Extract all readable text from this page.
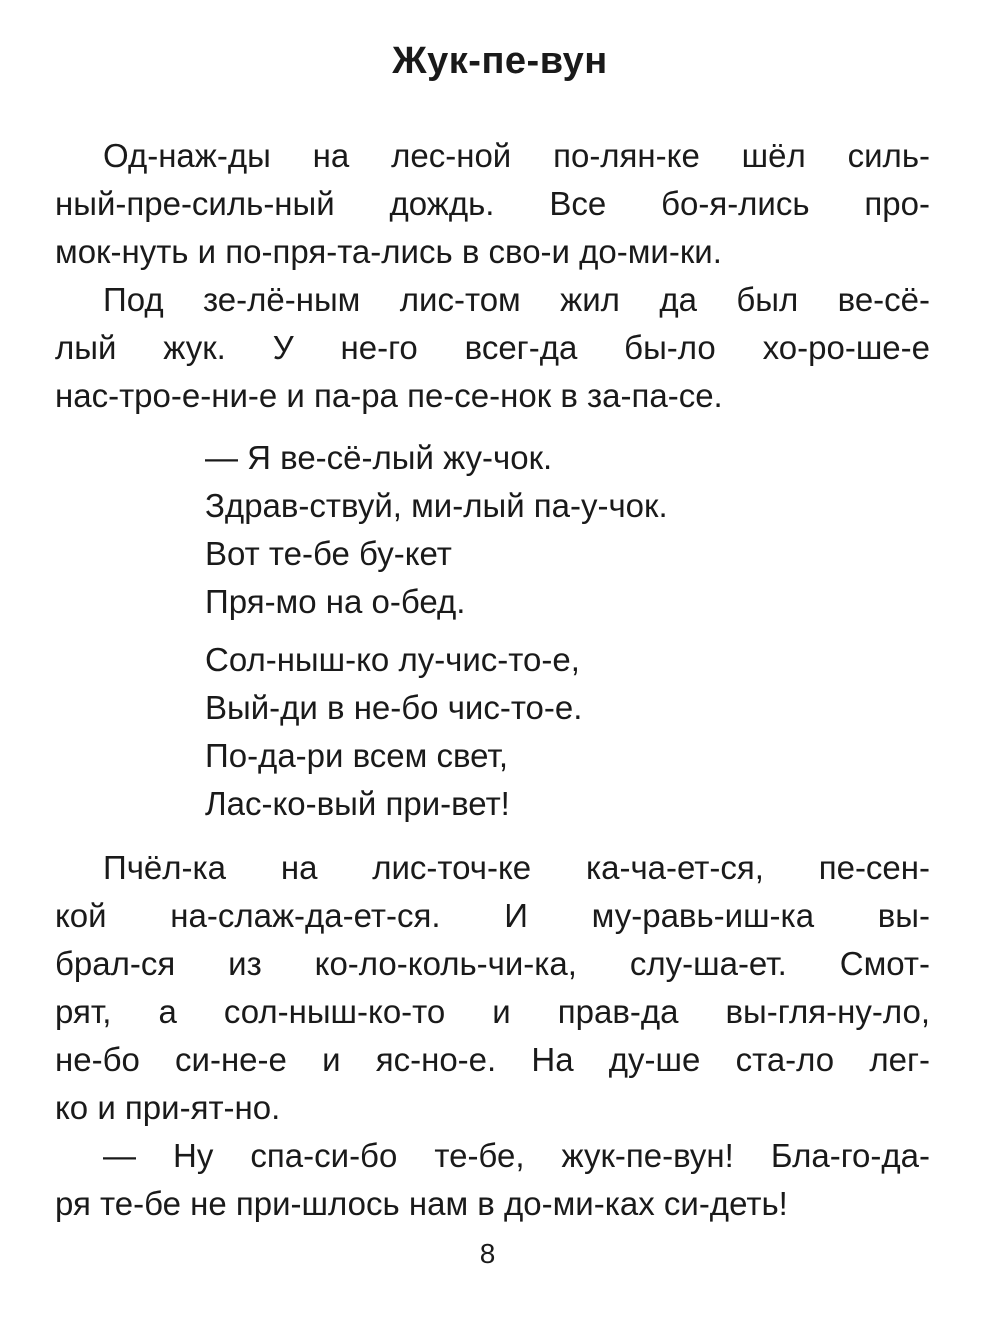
Жук-пе-вун

Од-наж-ды на лес-ной по-лян-ке шёл силь-
ный-пре-силь-ный дождь. Все бо-я-лись про-
мок-нуть и по-пря-та-лись в сво-и до-ми-ки.

Под зе-лё-ным лис-том жил да был ве-сё-
лый жук. У не-го всег-да бы-ло хо-ро-ше-е
нас-тро-е-ни-е и па-ра пе-се-нок в за-па-се.

— Я ве-сё-лый жу-чок.
Здрав-ствуй, ми-лый па-у-чок.
Вот те-бе бу-кет
Пря-мо на о-бед.
Сол-ныш-ко лу-чис-то-е,
Вый-ди в не-бо чис-то-е.
По-да-ри всем свет,
Лас-ко-вый при-вет!

Пчёл-ка на лис-точ-ке ка-ча-ет-ся, пе-сен-
кой на-слаж-да-ет-ся. И му-равь-иш-ка вы-
брал-ся из ко-ло-коль-чи-ка, слу-ша-ет. Смот-
рят, а сол-ныш-ко-то и прав-да вы-гля-ну-ло,
не-бо си-не-е и яс-но-е. На ду-ше ста-ло лег-
ко и при-ят-но.

— Ну спа-си-бо те-бе, жук-пе-вун! Бла-го-да-
ря те-бе не при-шлось нам в до-ми-ках си-деть!

8
